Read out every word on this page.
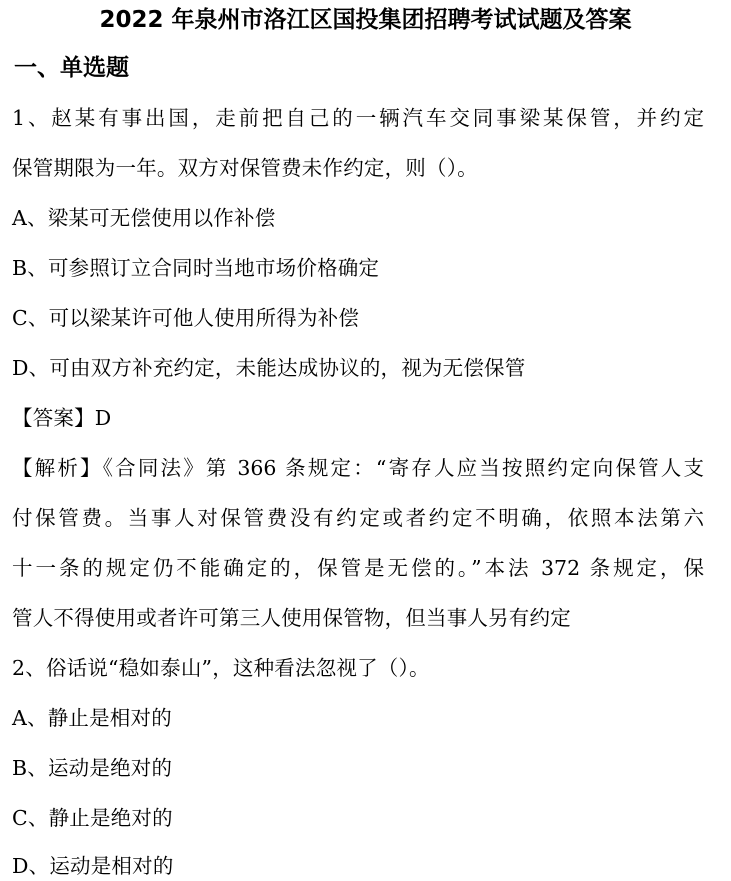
2022 年泉州市洛江区国投集团招聘考试试题及答案
一、单选题
1、赵某有事出国，走前把自己的一辆汽车交同事梁某保管，并约定
保管期限为一年。双方对保管费未作约定，则（）。
A、梁某可无偿使用以作补偿
B、可参照订立合同时当地市场价格确定
C、可以梁某许可他人使用所得为补偿
D、可由双方补充约定，未能达成协议的，视为无偿保管
【答案】D
【解析】《合同法》第 366 条规定：“寄存人应当按照约定向保管人支
付保管费。当事人对保管费没有约定或者约定不明确，依照本法第六
十一条的规定仍不能确定的，保管是无偿的。”本法 372 条规定，保
管人不得使用或者许可第三人使用保管物，但当事人另有约定
2、俗话说“稳如泰山”，这种看法忽视了（）。
A、静止是相对的
B、运动是绝对的
C、静止是绝对的
D、运动是相对的
